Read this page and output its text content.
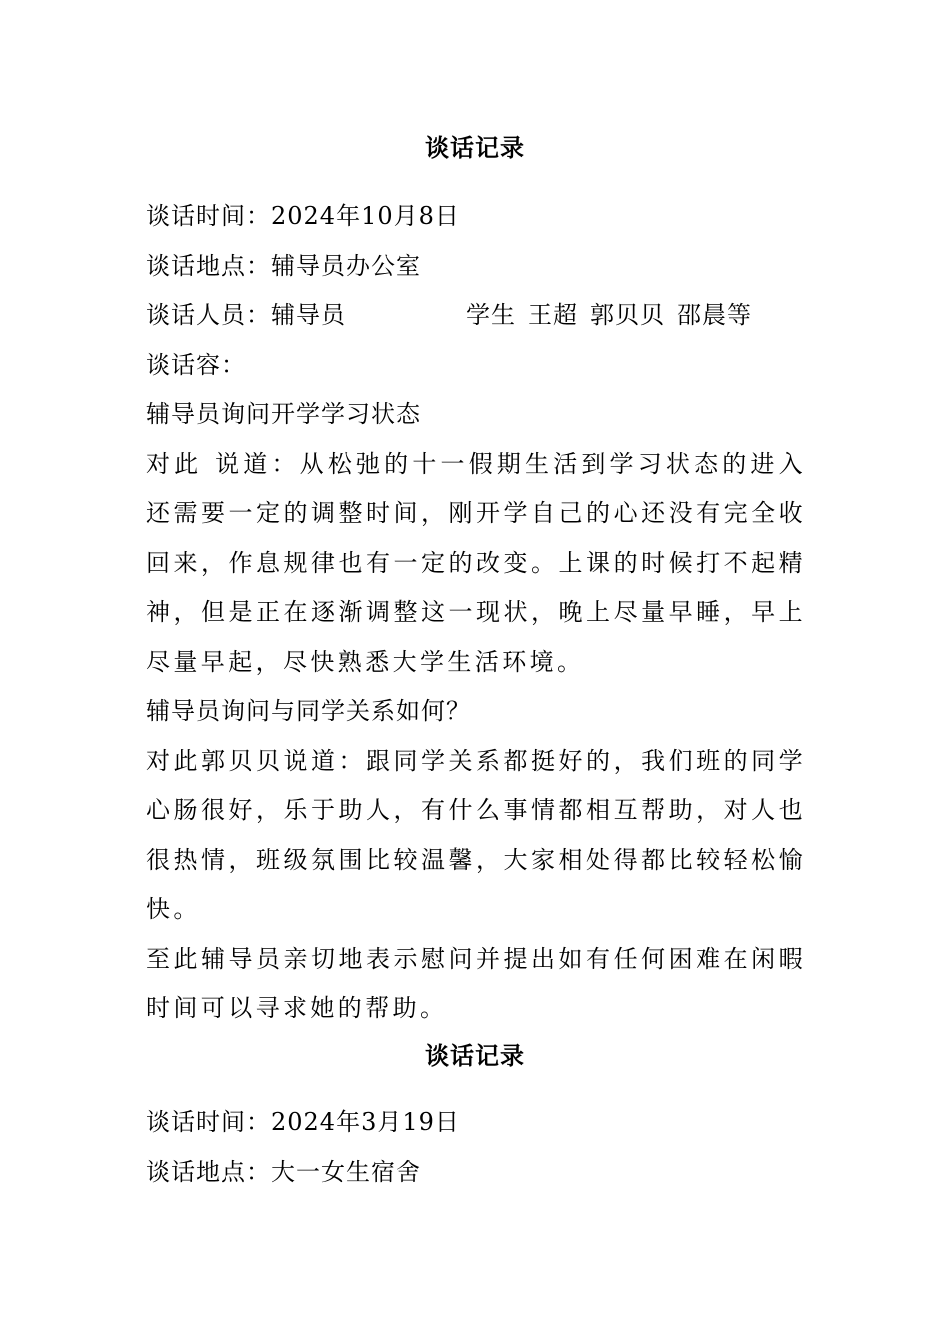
谈话记录
谈话时间：2024年10月8日
谈话地点：辅导员办公室
谈话人员：辅导员	学生 王超 郭贝贝 邵晨等
谈话容：
辅导员询问开学学习状态

对此 说道：从松弛的十一假期生活到学习状态的进入还需要一定的调整时间，刚开学自己的心还没有完全收回来，作息规律也有一定的改变。上课的时候打不起精神，但是正在逐渐调整这一现状，晚上尽量早睡，早上尽量早起，尽快熟悉大学生活环境。

辅导员询问与同学关系如何？

对此郭贝贝说道：跟同学关系都挺好的，我们班的同学心肠很好，乐于助人，有什么事情都相互帮助，对人也很热情，班级氛围比较温馨，大家相处得都比较轻松愉快。

至此辅导员亲切地表示慰问并提出如有任何困难在闲暇时间可以寻求她的帮助。

谈话记录
谈话时间：2024年3月19日
谈话地点：大一女生宿舍
